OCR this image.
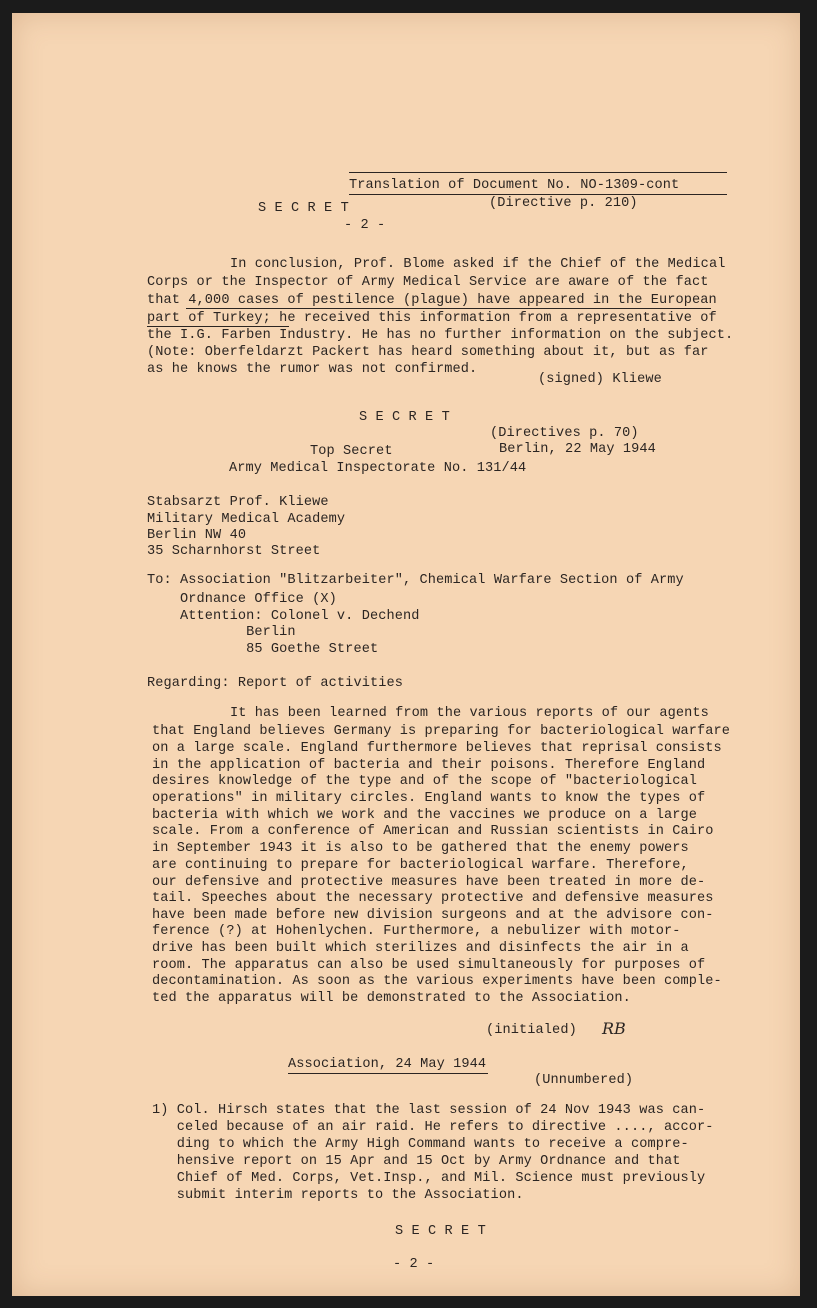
Translation of Document No. NO-1309-cont
S E C R E T	(Directive p. 210)
- 2 -
In conclusion, Prof. Blome asked if the Chief of the Medical
Corps or the Inspector of Army Medical Service are aware of the fact
that 4,000 cases of pestilence (plague) have appeared in the European
part of Turkey; he received this information from a representative of
the I.G. Farben Industry. He has no further information on the subject.
(Note: Oberfeldarzt Packert has heard something about it, but as far
as he knows the rumor was not confirmed.
(signed) Kliewe
S E C R E T
(Directives p. 70)
Top Secret	Berlin, 22 May 1944
Army Medical Inspectorate No. 131/44
Stabsarzt Prof. Kliewe
Military Medical Academy
Berlin NW 40
35 Scharnhorst Street
To: Association "Blitzarbeiter", Chemical Warfare Section of Army
Ordnance Office (X)
Attention: Colonel v. Dechend
Berlin
85 Goethe Street
Regarding: Report of activities
It has been learned from the various reports of our agents
that England believes Germany is preparing for bacteriological warfare
on a large scale. England furthermore believes that reprisal consists
in the application of bacteria and their poisons. Therefore England
desires knowledge of the type and of the scope of "bacteriological
operations" in military circles. England wants to know the types of
bacteria with which we work and the vaccines we produce on a large
scale. From a conference of American and Russian scientists in Cairo
in September 1943 it is also to be gathered that the enemy powers
are continuing to prepare for bacteriological warfare. Therefore,
our defensive and protective measures have been treated in more de-
tail. Speeches about the necessary protective and defensive measures
have been made before new division surgeons and at the advisore con-
ference (?) at Hohenlychen. Furthermore, a nebulizer with motor-
drive has been built which sterilizes and disinfects the air in a
room. The apparatus can also be used simultaneously for purposes of
decontamination. As soon as the various experiments have been comple-
ted the apparatus will be demonstrated to the Association.
(initialed) RB
Association, 24 May 1944
(Unnumbered)
1) Col. Hirsch states that the last session of 24 Nov 1943 was can-
celed because of an air raid. He refers to directive ...., accor-
ding to which the Army High Command wants to receive a compre-
hensive report on 15 Apr and 15 Oct by Army Ordnance and that
Chief of Med. Corps, Vet.Insp., and Mil. Science must previously
submit interim reports to the Association.
S E C R E T
- 2 -
